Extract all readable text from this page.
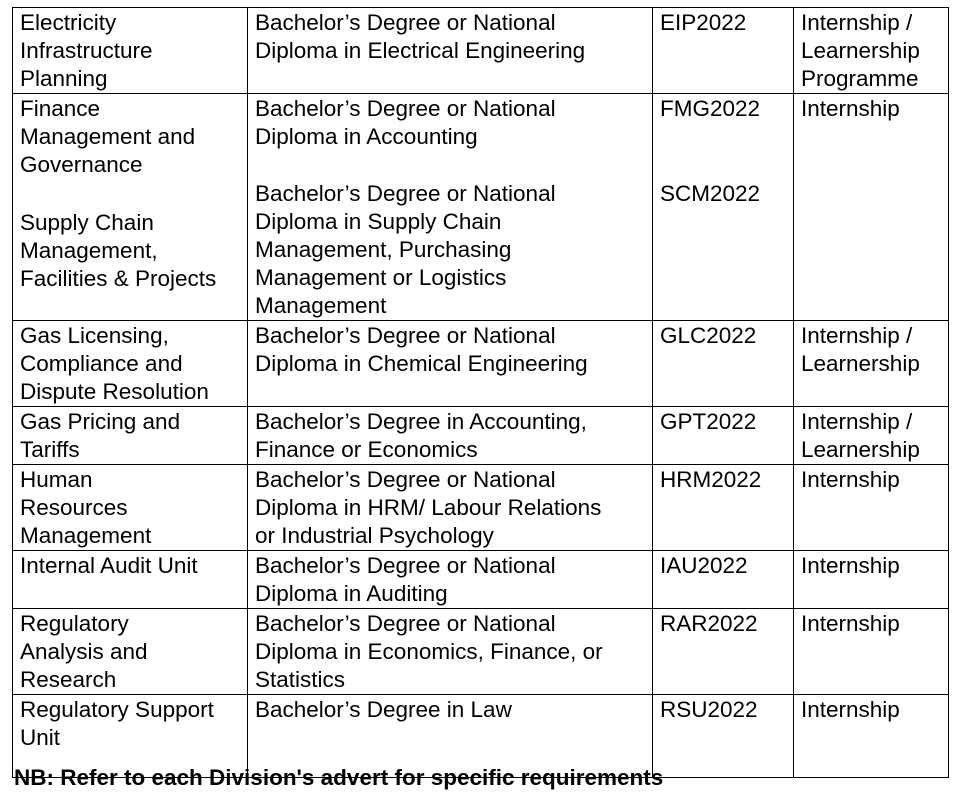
Electricity
Infrastructure
Planning	Bachelor’s Degree or National
Diploma in Electrical Engineering	EIP2022	Internship /
Learnership
Programme

Finance
Management and
Governance	Bachelor’s Degree or National
Diploma in Accounting	FMG2022	Internship

Supply Chain
Management,
Facilities & Projects	Bachelor’s Degree or National
Diploma in Supply Chain
Management, Purchasing
Management or Logistics
Management	SCM2022	

Gas Licensing,
Compliance and
Dispute Resolution	Bachelor’s Degree or National
Diploma in Chemical Engineering	GLC2022	Internship /
Learnership

Gas Pricing and
Tariffs	Bachelor’s Degree in Accounting,
Finance or Economics	GPT2022	Internship /
Learnership

Human
Resources
Management	Bachelor’s Degree or National
Diploma in HRM/ Labour Relations
or Industrial Psychology	HRM2022	Internship

Internal Audit Unit	Bachelor’s Degree or National
Diploma in Auditing	IAU2022	Internship

Regulatory
Analysis and
Research	Bachelor’s Degree or National
Diploma in Economics, Finance, or
Statistics	RAR2022	Internship

Regulatory Support
Unit	Bachelor’s Degree in Law	RSU2022	Internship
NB: Refer to each Division's advert for specific requirements
